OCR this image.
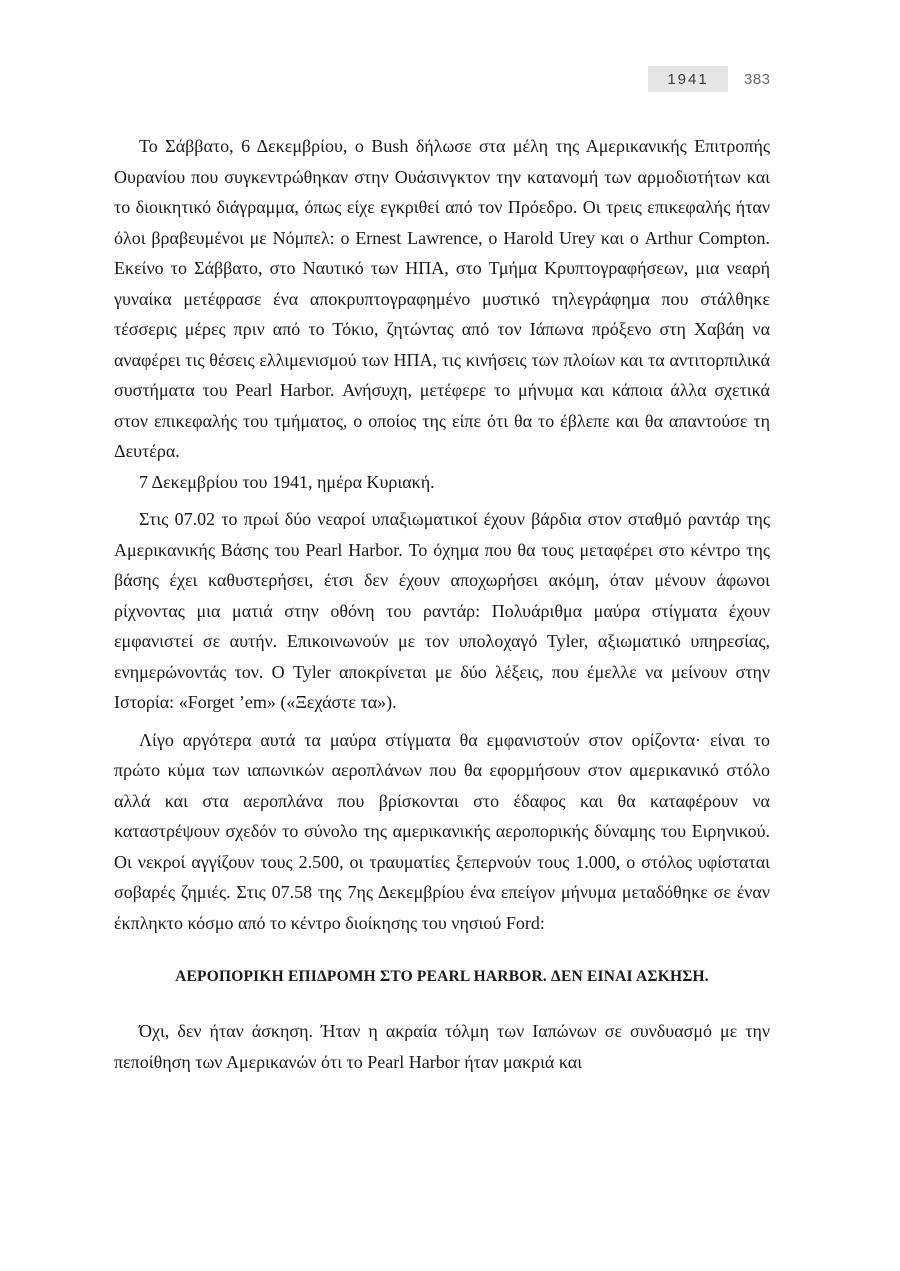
1941	383

Το Σάββατο, 6 Δεκεμβρίου, ο Bush δήλωσε στα μέλη της Αμερικανικής Επιτροπής Ουρανίου που συγκεντρώθηκαν στην Ουάσινγκτον την κατανομή των αρμοδιοτήτων και το διοικητικό διάγραμμα, όπως είχε εγκριθεί από τον Πρόεδρο. Οι τρεις επικεφαλής ήταν όλοι βραβευμένοι με Νόμπελ: ο Ernest Lawrence, ο Harold Urey και ο Arthur Compton. Εκείνο το Σάββατο, στο Ναυτικό των ΗΠΑ, στο Τμήμα Κρυπτογραφήσεων, μια νεαρή γυναίκα μετέφρασε ένα αποκρυπτογραφημένο μυστικό τηλεγράφημα που στάλθηκε τέσσερις μέρες πριν από το Τόκιο, ζητώντας από τον Ιάπωνα πρόξενο στη Χαβάη να αναφέρει τις θέσεις ελλιμενισμού των ΗΠΑ, τις κινήσεις των πλοίων και τα αντιτορπιλικά συστήματα του Pearl Harbor. Ανήσυχη, μετέφερε το μήνυμα και κάποια άλλα σχετικά στον επικεφαλής του τμήματος, ο οποίος της είπε ότι θα το έβλεπε και θα απαντούσε τη Δευτέρα.

7 Δεκεμβρίου του 1941, ημέρα Κυριακή.

Στις 07.02 το πρωί δύο νεαροί υπαξιωματικοί έχουν βάρδια στον σταθμό ραντάρ της Αμερικανικής Βάσης του Pearl Harbor. Το όχημα που θα τους μεταφέρει στο κέντρο της βάσης έχει καθυστερήσει, έτσι δεν έχουν αποχωρήσει ακόμη, όταν μένουν άφωνοι ρίχνοντας μια ματιά στην οθόνη του ραντάρ: Πολυάριθμα μαύρα στίγματα έχουν εμφανιστεί σε αυτήν. Επικοινωνούν με τον υπολοχαγό Tyler, αξιωματικό υπηρεσίας, ενημερώνοντάς τον. Ο Tyler αποκρίνεται με δύο λέξεις, που έμελλε να μείνουν στην Ιστορία: «Forget ’em» («Ξεχάστε τα»).

Λίγο αργότερα αυτά τα μαύρα στίγματα θα εμφανιστούν στον ορίζοντα· είναι το πρώτο κύμα των ιαπωνικών αεροπλάνων που θα εφορμήσουν στον αμερικανικό στόλο αλλά και στα αεροπλάνα που βρίσκονται στο έδαφος και θα καταφέρουν να καταστρέψουν σχεδόν το σύνολο της αμερικανικής αεροπορικής δύναμης του Ειρηνικού. Οι νεκροί αγγίζουν τους 2.500, οι τραυματίες ξεπερνούν τους 1.000, ο στόλος υφίσταται σοβαρές ζημιές. Στις 07.58 της 7ης Δεκεμβρίου ένα επείγον μήνυμα μεταδόθηκε σε έναν έκπληκτο κόσμο από το κέντρο διοίκησης του νησιού Ford:

ΑΕΡΟΠΟΡΙΚΗ ΕΠΙΔΡΟΜΗ ΣΤΟ PEARL HARBOR. ΔΕΝ ΕΙΝΑΙ ΑΣΚΗΣΗ.

Όχι, δεν ήταν άσκηση. Ήταν η ακραία τόλμη των Ιαπώνων σε συνδυασμό με την πεποίθηση των Αμερικανών ότι το Pearl Harbor ήταν μακριά και
